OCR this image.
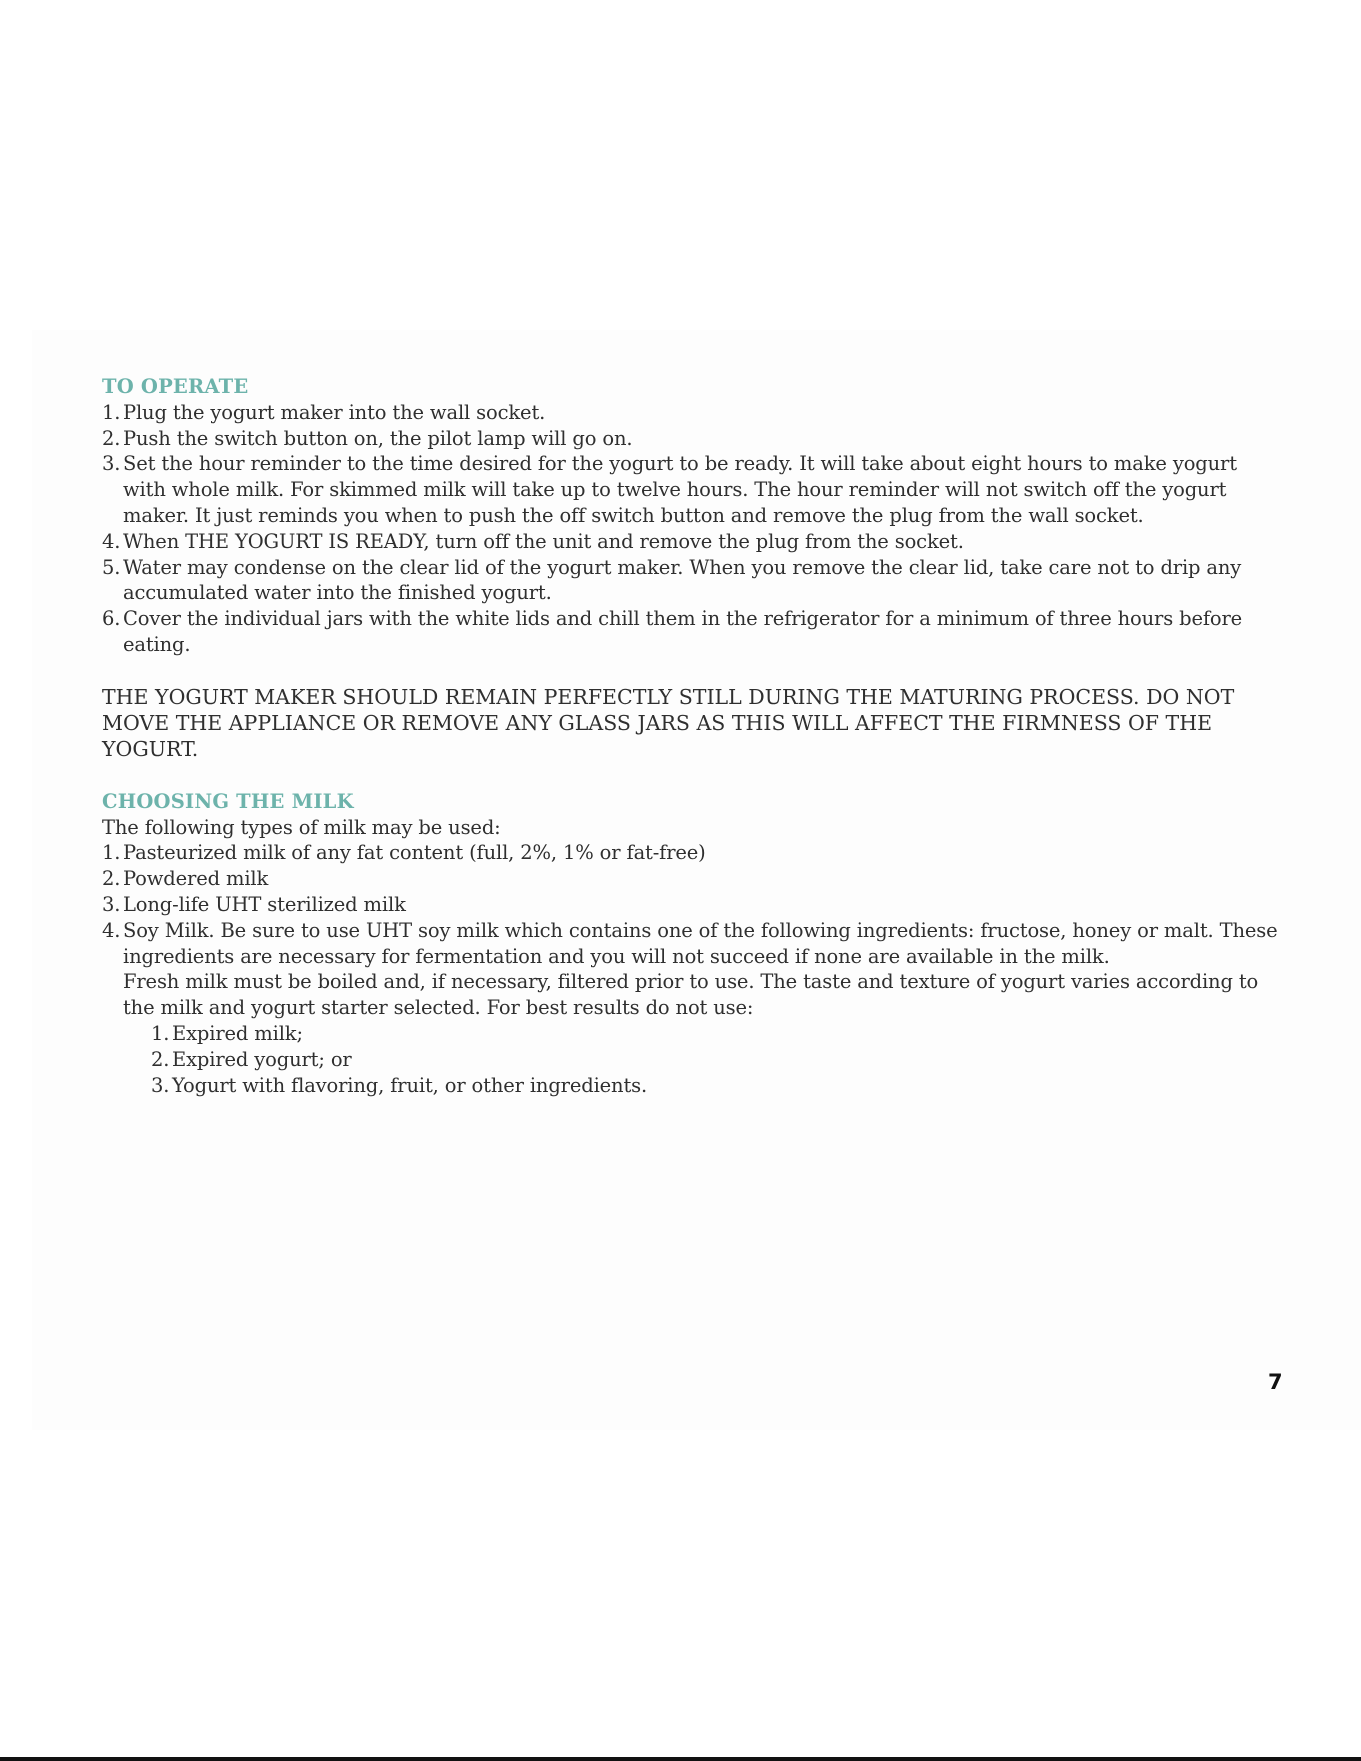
TO OPERATE
1. Plug the yogurt maker into the wall socket.
2. Push the switch button on, the pilot lamp will go on.
3. Set the hour reminder to the time desired for the yogurt to be ready. It will take about eight hours to make yogurt with whole milk. For skimmed milk will take up to twelve hours. The hour reminder will not switch off the yogurt maker. It just reminds you when to push the off switch button and remove the plug from the wall socket.
4. When THE YOGURT IS READY, turn off the unit and remove the plug from the socket.
5. Water may condense on the clear lid of the yogurt maker. When you remove the clear lid, take care not to drip any accumulated water into the finished yogurt.
6. Cover the individual jars with the white lids and chill them in the refrigerator for a minimum of three hours before eating.

THE YOGURT MAKER SHOULD REMAIN PERFECTLY STILL DURING THE MATURING PROCESS. DO NOT MOVE THE APPLIANCE OR REMOVE ANY GLASS JARS AS THIS WILL AFFECT THE FIRMNESS OF THE YOGURT.

CHOOSING THE MILK
The following types of milk may be used:
1. Pasteurized milk of any fat content (full, 2%, 1% or fat-free)
2. Powdered milk
3. Long-life UHT sterilized milk
4. Soy Milk. Be sure to use UHT soy milk which contains one of the following ingredients: fructose, honey or malt. These ingredients are necessary for fermentation and you will not succeed if none are available in the milk.
Fresh milk must be boiled and, if necessary, filtered prior to use. The taste and texture of yogurt varies according to the milk and yogurt starter selected. For best results do not use:
1. Expired milk;
2. Expired yogurt; or
3. Yogurt with flavoring, fruit, or other ingredients.
7
